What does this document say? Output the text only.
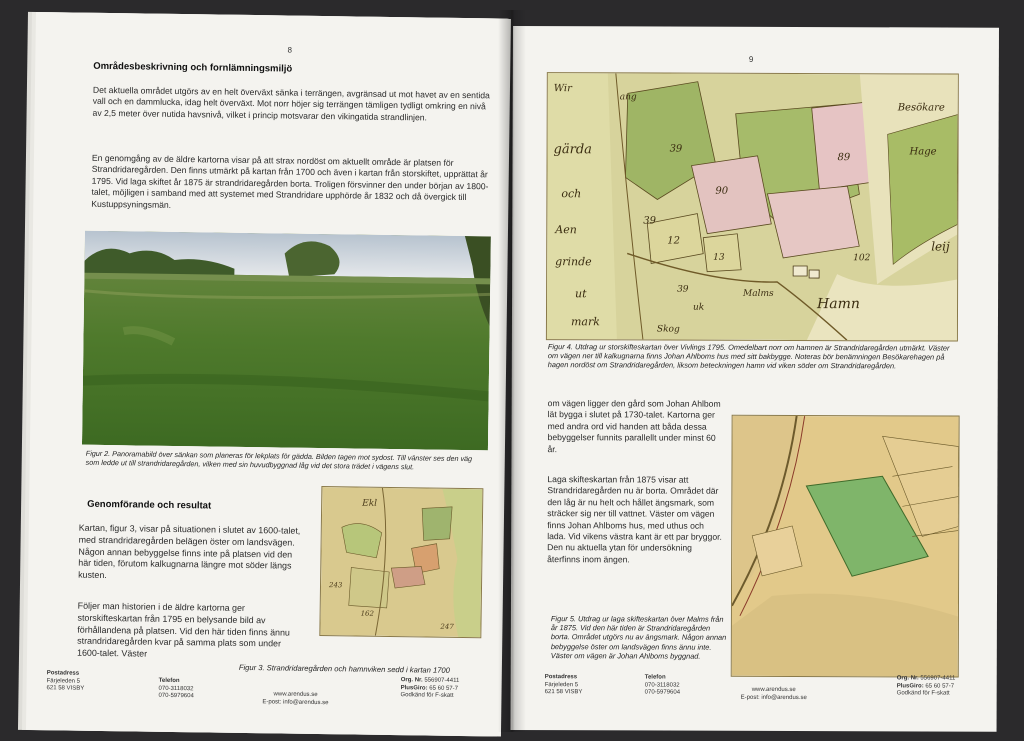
8
Områdesbeskrivning och fornlämningsmiljö

Det aktuella området utgörs av en helt överväxt sänka i terrängen, avgränsad ut mot havet av en sentida vall och en dammlucka, idag helt överväxt. Mot norr höjer sig terrängen tämligen tydligt omkring en nivå av 2,5 meter över nutida havsnivå, vilket i princip motsvarar den vikingatida strandlinjen.

En genomgång av de äldre kartorna visar på att strax nordöst om aktuellt område är platsen för Strandridaregården. Den finns utmärkt på kartan från 1700 och även i kartan från storskiftet, upprättat år 1795. Vid laga skiftet år 1875 är strandridaregården borta. Troligen försvinner den under början av 1800-talet, möjligen i samband med att systemet med Strandridare upphörde år 1832 och då övergick till Kustuppsyningsmän.

Figur 2. Panoramabild över sänkan som planeras för lekplats för gädda. Bilden tagen mot sydost. Till vänster ses den väg som ledde ut till strandridaregården, vilken med sin huvudbyggnad låg vid det stora trädet i vägens slut.

Genomförande och resultat

Kartan, figur 3, visar på situationen i slutet av 1600-talet, med strandridaregården belägen öster om landsvägen. Någon annan bebyggelse finns inte på platsen vid den här tiden, förutom kalkugnarna längre mot söder längs kusten.

Följer man historien i de äldre kartorna ger storskifteskartan från 1795 en belysande bild av förhållandena på platsen. Vid den här tiden finns ännu strandridaregården kvar på samma plats som under 1600-talet. Väster

Ekl
243
162
247

Figur 3. Strandridaregården och hamnviken sedd i kartan 1700

Postadress
Färjeleden 5
621 58 VISBY
Telefon
070-3118032
070-5979604	www.arendus.se
E-post: info@arendus.se
Org. Nr. 556907-4411
PlusGiro: 65 60 57-7
Godkänd för F-skatt
9
Wir
ang
gärda
och
Aen
grinde
ut
mark
Besökare
Hage
39
89
90
39
12
13	102
39	Malms
Hamn
leij
uk
Skog

Figur 4. Utdrag ur storskifteskartan över Vivlings 1795. Omedelbart norr om hamnen är Strandridaregården utmärkt. Väster om vägen ner till kalkugnarna finns Johan Ahlboms hus med sitt bakbygge. Noteras bör benämningen Besökarehagen på hagen nordöst om Strandridaregården, liksom beteckningen hamn vid viken söder om Strandridaregården.

om vägen ligger den gård som Johan Ahlbom lät bygga i slutet på 1730-talet. Kartorna ger med andra ord vid handen att båda dessa bebyggelser funnits parallellt under minst 60 år.

Laga skifteskartan från 1875 visar att Strandridaregården nu är borta. Området där den låg är nu helt och hållet ängsmark, som sträcker sig ner till vattnet. Väster om vägen finns Johan Ahlboms hus, med uthus och lada. Vid vikens västra kant är ett par bryggor. Den nu aktuella ytan för undersökning återfinns inom ängen.

Figur 5. Utdrag ur laga skifteskartan över Malms från år 1875. Vid den här tiden är Strandridaregården borta. Området utgörs nu av ängsmark. Någon annan bebyggelse öster om landsvägen finns ännu inte. Väster om vägen är Johan Ahlboms byggnad.

Postadress
Färjeleden 5
621 58 VISBY
Telefon
070-3118032
070-5979604	www.arendus.se
E-post: info@arendus.se
Org. Nr. 556907-4411
PlusGiro: 65 60 57-7
Godkänd för F-skatt
